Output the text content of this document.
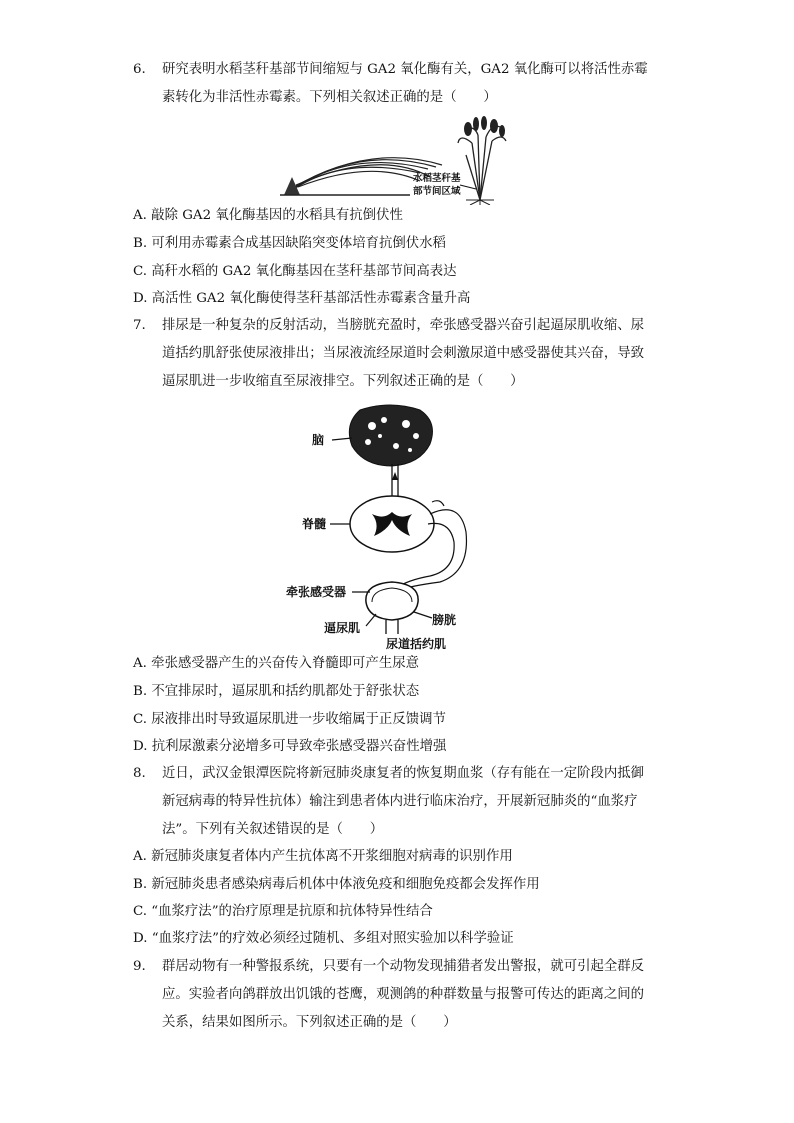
6. 研究表明水稻茎秆基部节间缩短与 GA2 氧化酶有关，GA2 氧化酶可以将活性赤霉
素转化为非活性赤霉素。下列相关叙述正确的是（　　）
水稻茎秆基
部节间区域
A. 敲除 GA2 氧化酶基因的水稻具有抗倒伏性
B. 可利用赤霉素合成基因缺陷突变体培育抗倒伏水稻
C. 高秆水稻的 GA2 氧化酶基因在茎秆基部节间高表达
D. 高活性 GA2 氧化酶使得茎秆基部活性赤霉素含量升高
7. 排尿是一种复杂的反射活动，当膀胱充盈时，牵张感受器兴奋引起逼尿肌收缩、尿
道括约肌舒张使尿液排出；当尿液流经尿道时会刺激尿道中感受器使其兴奋，导致
逼尿肌进一步收缩直至尿液排空。下列叙述正确的是（　　）
脑
脊髓
牵张感受器
膀胱
逼尿肌
尿道括约肌
A. 牵张感受器产生的兴奋传入脊髓即可产生尿意
B. 不宜排尿时，逼尿肌和括约肌都处于舒张状态
C. 尿液排出时导致逼尿肌进一步收缩属于正反馈调节
D. 抗利尿激素分泌增多可导致牵张感受器兴奋性增强
8. 近日，武汉金银潭医院将新冠肺炎康复者的恢复期血浆（存有能在一定阶段内抵御
新冠病毒的特异性抗体）输注到患者体内进行临床治疗，开展新冠肺炎的“血浆疗
法”。下列有关叙述错误的是（　　）
A. 新冠肺炎康复者体内产生抗体离不开浆细胞对病毒的识别作用
B. 新冠肺炎患者感染病毒后机体中体液免疫和细胞免疫都会发挥作用
C. “血浆疗法”的治疗原理是抗原和抗体特异性结合
D. “血浆疗法”的疗效必须经过随机、多组对照实验加以科学验证
9. 群居动物有一种警报系统，只要有一个动物发现捕猎者发出警报，就可引起全群反
应。实验者向鸽群放出饥饿的苍鹰，观测鸽的种群数量与报警可传达的距离之间的
关系，结果如图所示。下列叙述正确的是（　　）
